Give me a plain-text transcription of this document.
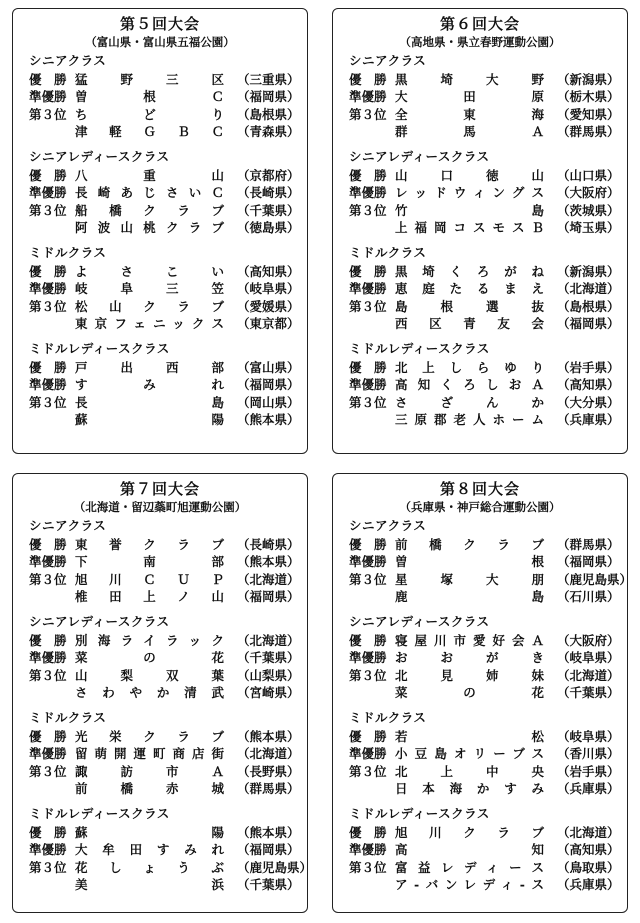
第５回大会
（富山県・富山県五福公園）
シニアクラス
優　勝 猛野三区 （三重県）
準優勝 曽根Ｃ （福岡県）
第３位 ちどり （島根県）
津軽ＧＢＣ （青森県）
シニアレディースクラス
優　勝 八重山 （京都府）
準優勝 長崎あじさいＣ （長崎県）
第３位 船橋クラブ （千葉県）
阿波山桃クラブ （徳島県）
ミドルクラス
優　勝 よさこい （高知県）
準優勝 岐阜三笠 （岐阜県）
第３位 松山クラブ （愛媛県）
東京フェニックス （東京都）
ミドルレディースクラス
優　勝 戸出西部 （富山県）
準優勝 すみれ （福岡県）
第３位 長島 （岡山県）
蘇陽 （熊本県）
第６回大会
（高地県・県立春野運動公園）
シニアクラス
優　勝 黒埼大野 （新潟県）
準優勝 大田原 （栃木県）
第３位 全東海 （愛知県）
群馬Ａ （群馬県）
シニアレディースクラス
優　勝 山口徳山 （山口県）
準優勝 レッドウィングス （大阪府）
第３位 竹島 （茨城県）
上福岡コスモスＢ （埼玉県）
ミドルクラス
優　勝 黒埼くろがね （新潟県）
準優勝 恵庭たるまえ （北海道）
第３位 島根選抜 （島根県）
西区青友会 （福岡県）
ミドルレディースクラス
優　勝 北上しらゆり （岩手県）
準優勝 高知くろしおＡ （高知県）
第３位 さざんか （大分県）
三原郡老人ホーム （兵庫県）
第７回大会
（北海道・留辺蘂町旭運動公園）
シニアクラス
優　勝 東誉クラブ （長崎県）
準優勝 下南部 （熊本県）
第３位 旭川ＣＵＰ （北海道）
椎田上ノ山 （福岡県）
シニアレディースクラス
優　勝 別海ライラック （北海道）
準優勝 菜の花 （千葉県）
第３位 山梨双葉 （山梨県）
さわやか清武 （宮崎県）
ミドルクラス
優　勝 光栄クラブ （熊本県）
準優勝 留萌開運町商店街 （北海道）
第３位 諏訪市Ａ （長野県）
前橋赤城 （群馬県）
ミドルレディースクラス
優　勝 蘇陽 （熊本県）
準優勝 大牟田すみれ （福岡県）
第３位 花しょうぶ （鹿児島県）
美浜 （千葉県）
第８回大会
（兵庫県・神戸総合運動公園）
シニアクラス
優　勝 前橋クラブ （群馬県）
準優勝 曽根 （福岡県）
第３位 星塚大朋 （鹿児島県）
鹿島 （石川県）
シニアレディースクラス
優　勝 寝屋川市愛好会Ａ （大阪府）
準優勝 おおがき （岐阜県）
第３位 北見姉妹 （北海道）
菜の花 （千葉県）
ミドルクラス
優　勝 若松 （岐阜県）
準優勝 小豆島オリーブス （香川県）
第３位 北上中央 （岩手県）
日本海かすみ （兵庫県）
ミドルレディースクラス
優　勝 旭川クラブ （北海道）
準優勝 高知 （高知県）
第３位 富益レディース （鳥取県）
ア-バンレディ-ス （兵庫県）
